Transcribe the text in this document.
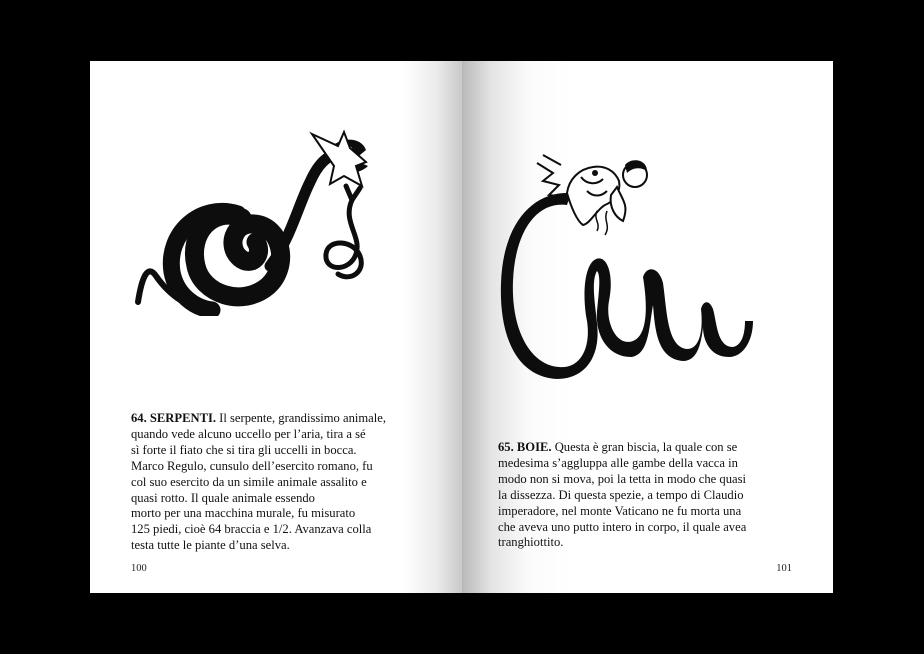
64. SERPENTI. Il serpente, grandissimo animale,
quando vede alcuno uccello per l’aria, tira a sé
sì forte il fiato che si tira gli uccelli in bocca.
Marco Regulo, cunsulo dell’esercito romano, fu
col suo esercito da un simile animale assalito e
quasi rotto. Il quale animale essendo
morto per una macchina murale, fu misurato
125 piedi, cioè 64 braccia e 1/2. Avanzava colla
testa tutte le piante d’una selva.
100
65. BOIE. Questa è gran biscia, la quale con se
medesima s’aggluppa alle gambe della vacca in
modo non si mova, poi la tetta in modo che quasi
la dissezza. Di questa spezie, a tempo di Claudio
imperadore, nel monte Vaticano ne fu morta una
che aveva uno putto intero in corpo, il quale avea
tranghiottito.
101
